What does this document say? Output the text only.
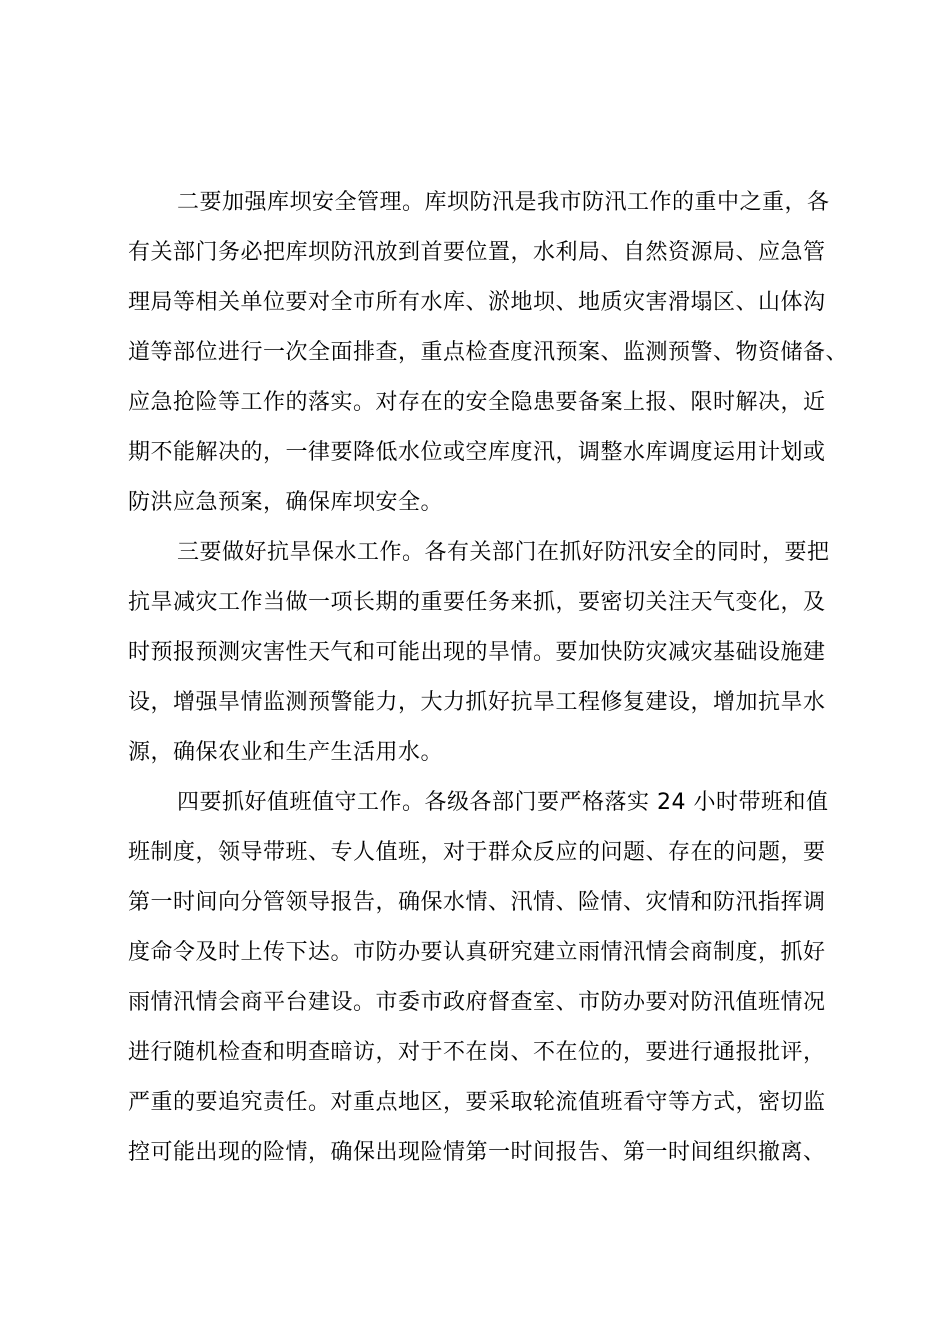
二要加强库坝安全管理。库坝防汛是我市防汛工作的重中之重，各
有关部门务必把库坝防汛放到首要位置，水利局、自然资源局、应急管
理局等相关单位要对全市所有水库、淤地坝、地质灾害滑塌区、山体沟
道等部位进行一次全面排查，重点检查度汛预案、监测预警、物资储备、
应急抢险等工作的落实。对存在的安全隐患要备案上报、限时解决，近
期不能解决的，一律要降低水位或空库度汛，调整水库调度运用计划或
防洪应急预案，确保库坝安全。
三要做好抗旱保水工作。各有关部门在抓好防汛安全的同时，要把
抗旱减灾工作当做一项长期的重要任务来抓，要密切关注天气变化，及
时预报预测灾害性天气和可能出现的旱情。要加快防灾减灾基础设施建
设，增强旱情监测预警能力，大力抓好抗旱工程修复建设，增加抗旱水
源，确保农业和生产生活用水。
四要抓好值班值守工作。各级各部门要严格落实 24 小时带班和值
班制度，领导带班、专人值班，对于群众反应的问题、存在的问题，要
第一时间向分管领导报告，确保水情、汛情、险情、灾情和防汛指挥调
度命令及时上传下达。市防办要认真研究建立雨情汛情会商制度，抓好
雨情汛情会商平台建设。市委市政府督查室、市防办要对防汛值班情况
进行随机检查和明查暗访，对于不在岗、不在位的，要进行通报批评，
严重的要追究责任。对重点地区，要采取轮流值班看守等方式，密切监
控可能出现的险情，确保出现险情第一时间报告、第一时间组织撤离、
